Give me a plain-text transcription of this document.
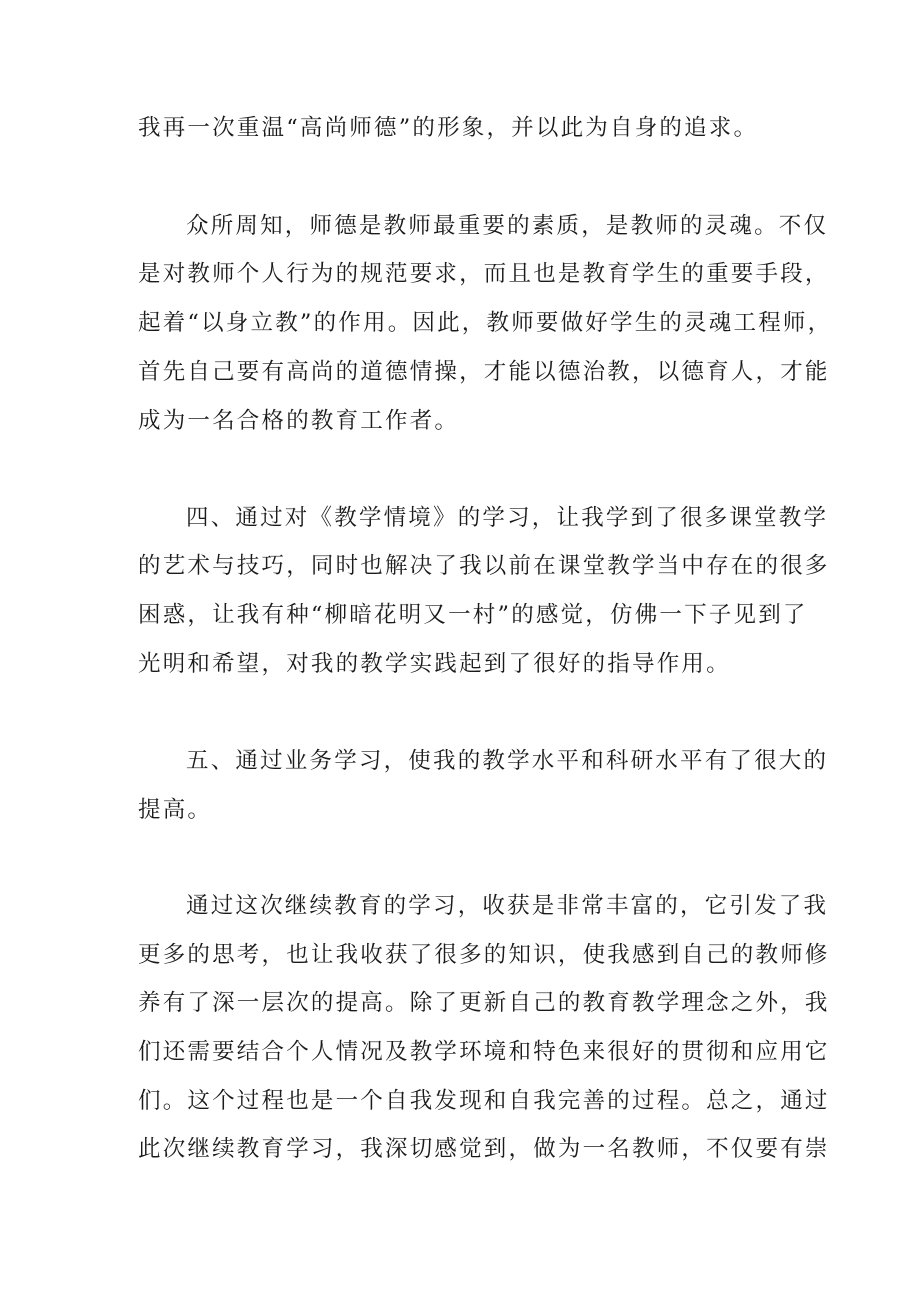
我再一次重温“高尚师德”的形象，并以此为自身的追求。
众所周知，师德是教师最重要的素质，是教师的灵魂。不仅
是对教师个人行为的规范要求，而且也是教育学生的重要手段，
起着“以身立教”的作用。因此，教师要做好学生的灵魂工程师，
首先自己要有高尚的道德情操，才能以德治教，以德育人，才能
成为一名合格的教育工作者。
四、通过对《教学情境》的学习，让我学到了很多课堂教学
的艺术与技巧，同时也解决了我以前在课堂教学当中存在的很多
困惑，让我有种“柳暗花明又一村”的感觉，仿佛一下子见到了
光明和希望，对我的教学实践起到了很好的指导作用。
五、通过业务学习，使我的教学水平和科研水平有了很大的
提高。
通过这次继续教育的学习，收获是非常丰富的，它引发了我
更多的思考，也让我收获了很多的知识，使我感到自己的教师修
养有了深一层次的提高。除了更新自己的教育教学理念之外，我
们还需要结合个人情况及教学环境和特色来很好的贯彻和应用它
们。这个过程也是一个自我发现和自我完善的过程。总之，通过
此次继续教育学习，我深切感觉到，做为一名教师，不仅要有崇
